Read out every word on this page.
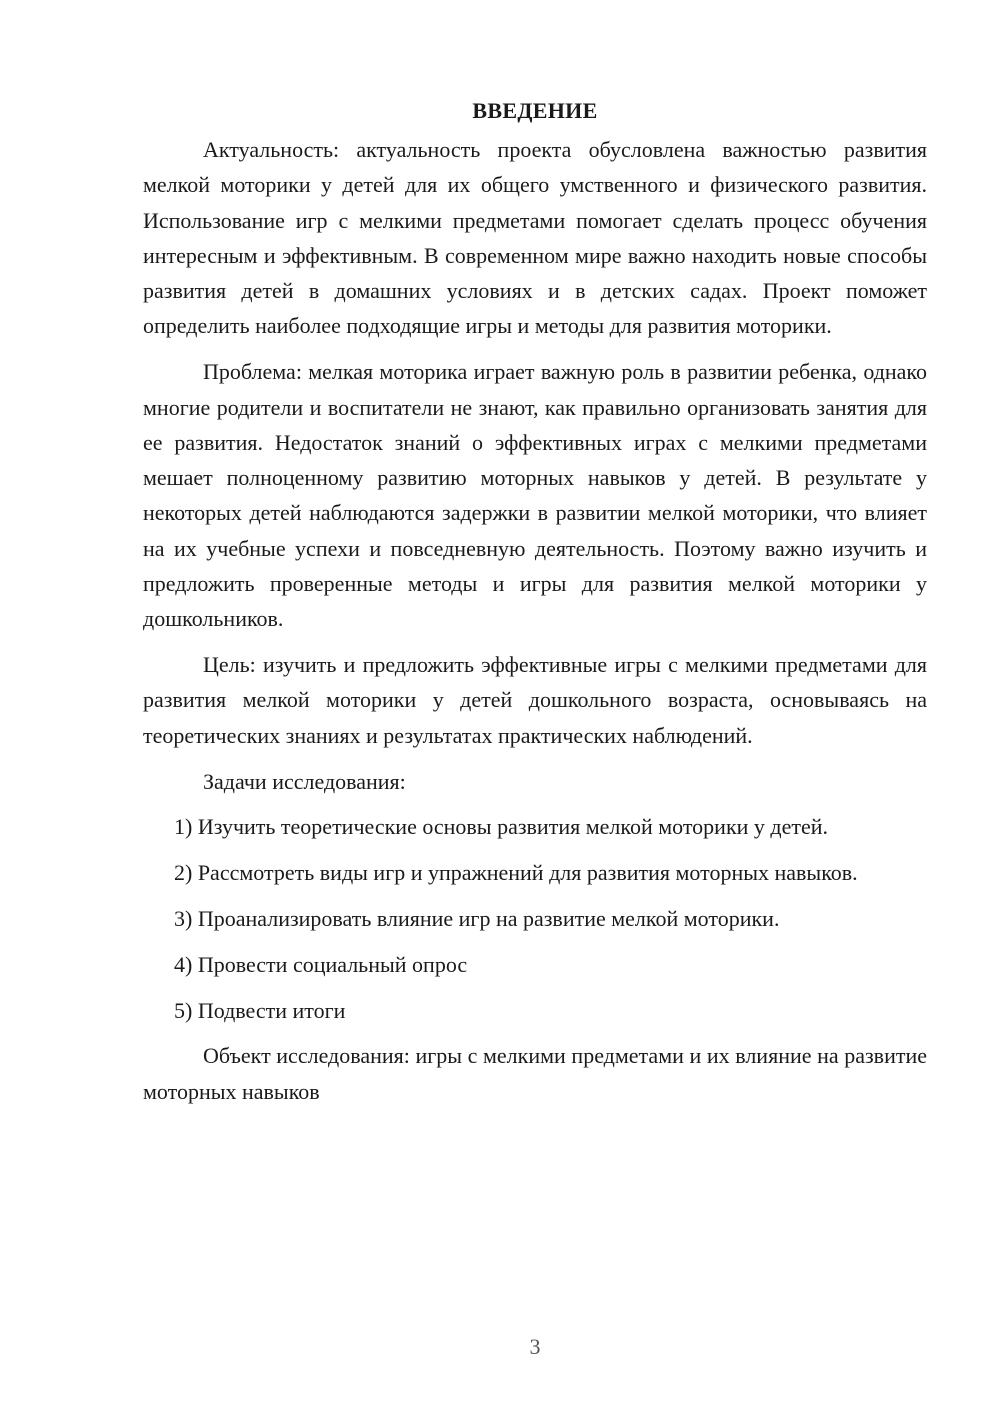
ВВЕДЕНИЕ

Актуальность: актуальность проекта обусловлена важностью развития мелкой моторики у детей для их общего умственного и физического развития. Использование игр с мелкими предметами помогает сделать процесс обучения интересным и эффективным. В современном мире важно находить новые способы развития детей в домашних условиях и в детских садах. Проект поможет определить наиболее подходящие игры и методы для развития моторики.

Проблема: мелкая моторика играет важную роль в развитии ребенка, однако многие родители и воспитатели не знают, как правильно организовать занятия для ее развития. Недостаток знаний о эффективных играх с мелкими предметами мешает полноценному развитию моторных навыков у детей. В результате у некоторых детей наблюдаются задержки в развитии мелкой моторики, что влияет на их учебные успехи и повседневную деятельность. Поэтому важно изучить и предложить проверенные методы и игры для развития мелкой моторики у дошкольников.

Цель: изучить и предложить эффективные игры с мелкими предметами для развития мелкой моторики у детей дошкольного возраста, основываясь на теоретических знаниях и результатах практических наблюдений.

Задачи исследования:

1) Изучить теоретические основы развития мелкой моторики у детей.

2) Рассмотреть виды игр и упражнений для развития моторных навыков.

3) Проанализировать влияние игр на развитие мелкой моторики.

4) Провести социальный опрос

5) Подвести итоги

Объект исследования: игры с мелкими предметами и их влияние на развитие моторных навыков

3
